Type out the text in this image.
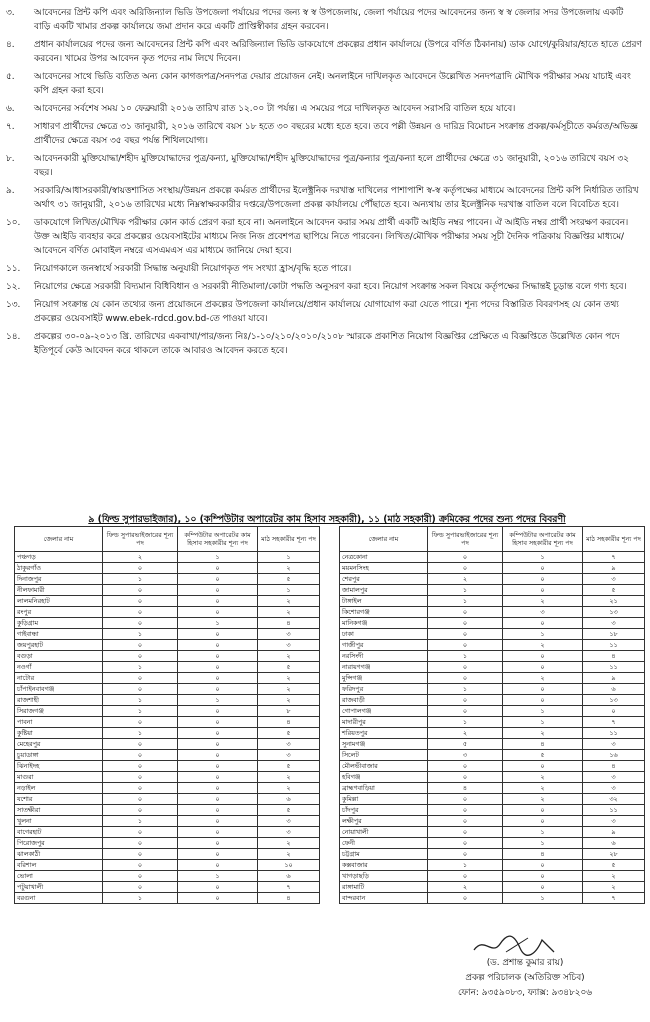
৩.	আবেদনের প্রিন্ট কপি এবং অরিজিন্যাল ভিডি উপজেলা পর্যায়ের পদের জন্য স্ব স্ব উপজেলায়, জেলা পর্যায়ের পদের আবেদনের জন্য স্ব স্ব জেলার সদর উপজেলায় একটি বাড়ি একটি খামার প্রকল্প কার্যালয়ে জমা প্রদান করে একটি প্রাপ্তিস্বীকার গ্রহন করবেন।
৪.	প্রধান কার্যালয়ের পদের জন্য আবেদনের প্রিন্ট কপি এবং অরিজিন্যাল ভিডি ডাকযোগে প্রকল্পের প্রধান কার্যালয়ে (উপরে বর্ণিত ঠিকানায়) ডাক যোগে/কুরিয়ার/হাতে হাতে প্রেরণ করবেন। খামের উপর আবেদন কৃত পদের নাম লিখে দিবেন।
৫.	আবেদনের সাথে ভিডি ব্যতিত অন্য কোন কাগজপত্র/সনদপত্র দেয়ার প্রয়োজন নেই। অনলাইনে দাখিলকৃত আবেদনে উল্লেখিত সনদপত্রাদি মৌখিক পরীক্ষার সময় যাচাই এবং কপি গ্রহন করা হবে।
৬.	আবেদনের সর্বশেষ সময় ১০ ফেব্রুয়ারী ২০১৬ তারিখ রাত ১২.০০ টা পর্যন্ত। এ সময়ের পরে দাখিলকৃত আবেদন সরাসরি বাতিল হয়ে যাবে।
৭.	সাধারণ প্রার্থীদের ক্ষেত্রে ৩১ জানুয়ারী, ২০১৬ তারিখে বয়স ১৮ হতে ৩০ বছরের মধ্যে হতে হবে। তবে পল্লী উন্নয়ন ও দারিদ্র বিমোচন সংক্রান্ত প্রকল্প/কর্মসূচীতে কর্মরত/অভিজ্ঞ প্রার্থীদের ক্ষেত্রে বয়স ৩৫ বছর পর্যন্ত শিথিলযোগ্য।
৮.	আবেদনকারী মুক্তিযোদ্ধা/শহীদ মুক্তিযোদ্ধাদের পুত্র/কন্যা, মুক্তিযোদ্ধা/শহীদ মুক্তিযোদ্ধাদের পুত্র/কন্যার পুত্র/কন্যা হলে প্রার্থীদের ক্ষেত্রে ৩১ জানুয়ারী, ২০১৬ তারিখে বয়স ৩২ বছর।
৯.	সরকারি/আধাসরকারী/স্বায়ত্তশাসিত সংস্থায়/উন্নয়ন প্রকল্পে কর্মরত প্রার্থীদের ইলেক্ট্রনিক দরখাস্ত দাখিলের পাশাপাশি স্ব-স্ব কর্তৃপক্ষের মাধ্যমে আবেদনের প্রিন্ট কপি নির্ধারিত তারিখ অর্থাৎ ৩১ জানুয়ারী, ২০১৬ তারিখের মধ্যে নিম্নস্বাক্ষরকারীর দপ্তরে/উপজেলা প্রকল্প কার্যালয়ে পৌঁছাতে হবে। অন্যথায় তার ইলেক্ট্রনিক দরখাস্ত বাতিল বলে বিবেচিত হবে।
১০.	ডাকযোগে লিখিত/মৌখিক পরীক্ষার কোন কার্ড প্রেরণ করা হবে না। অনলাইনে আবেদন করার সময় প্রার্থী একটি আইডি নম্বর পাবেন। ঐ আইডি নম্বর প্রার্থী সংরক্ষণ করবেন। উক্ত আইডি ব্যবহার করে প্রকল্পের ওয়েবসাইটের মাধ্যমে নিজ নিজ প্রবেশপত্র ছাপিয়ে নিতে পারবেন। লিখিত/মৌখিক পরীক্ষার সময় সূচী দৈনিক পত্রিকায় বিজ্ঞপ্তির মাধ্যমে/আবেদনে বর্ণিত মোবাইল নম্বরে এসএমএস এর মাধ্যমে জানিয়ে দেয়া হবে।
১১.	নিয়োগকালে জনস্বার্থে সরকারী সিদ্ধান্ত অনুযায়ী নিয়োগকৃত পদ সংখ্যা হ্রাস/বৃদ্ধি হতে পারে।
১২.	নিয়োগের ক্ষেত্রে সরকারী বিদ্যমান বিধিবিধান ও সরকারী নীতিমালা/কোটা পদ্ধতি অনুসরণ করা হবে। নিয়োগ সংক্রান্ত সকল বিষয়ে কর্তৃপক্ষের সিদ্ধান্তই চূড়ান্ত বলে গণ্য হবে।
১৩.	নিয়োগ সংক্রান্ত যে কোন তথ্যের জন্য প্রয়োজনে প্রকল্পের উপজেলা কার্যালয়ে/প্রধান কার্যালয়ে যোগাযোগ করা যেতে পারে। শূন্য পদের বিস্তারিত বিবরণসহ যে কোন তথ্য প্রকল্পের ওয়েবসাইট www.ebek-rdcd.gov.bd-তে পাওয়া যাবে।
১৪.	প্রকল্পের ৩০-০৯-২০১৩ খ্রি. তারিখের একবাখা/পার/জন্য নিঃ/১-১০/২১০/২০১০/২১০৮ স্মারকে প্রকাশিত নিয়োগ বিজ্ঞপ্তির প্রেক্ষিতে এ বিজ্ঞপ্তিতে উল্লেখিত কোন পদে ইতিপূর্বে কেউ আবেদন করে থাকলে তাকে আবারও আবেদন করতে হবে।
৯ (ফিল্ড সুপারভাইজার), ১০ (কম্পিউটার অপারেটর কাম হিসাব সহকারী), ১১ (মাঠ সহকারী) ক্রমিকের পদের শুন্য পদের বিবরণী
জেলার নাম	ফিল্ড সুপারভাইজারের শূন্য পদ	কম্পিউটার অপারেটর কাম হিসাব সহকারীর শূন্য পদ	মাঠ সহকারীর শূন্য পদ
পঞ্চগড়	২	১	১
ঠাকুরগাঁও	০	০	২
দিনাজপুর	১	০	৫
নীলফামারী	০	০	১
লালমনিরহাট	০	০	২
রংপুর	০	০	২
কুড়িগ্রাম	০	১	৪
গাইবান্ধা	১	০	৩
জয়পুরহাট	০	০	৩
বগুড়া	০	০	২
নওগাঁ	১	০	৫
নাটোর	০	০	২
চাঁপাইনবাবগঞ্জ	০	০	২
রাজশাহী	১	১	২
সিরাজগঞ্জ	১	০	৮
পাবনা	০	০	৪
কুষ্টিয়া	১	০	৫
মেহেরপুর	০	০	৩
চুয়াডাঙ্গা	০	০	৩
ঝিনাইদহ	০	০	৫
মাগুরা	০	০	২
নড়াইল	০	০	২
যশোর	০	০	৬
সাতক্ষীরা	০	০	৫
খুলনা	১	০	৩
বাগেরহাট	০	০	৩
পিরোজপুর	০	০	২
ঝালকাঠী	০	০	২
বরিশাল	০	০	১০
ভোলা	০	১	৬
পটুয়াখালী	০	০	৭
বরগুনা	১	০	৪
জেলার নাম	ফিল্ড সুপারভাইজারের শূন্য পদ	কম্পিউটার অপারেটর কাম হিসাব সহকারীর শূন্য পদ	মাঠ সহকারীর শূন্য পদ
নেত্রকোনা	০	১	৭
ময়মনসিংহ	০	০	৯
শেরপুর	২	০	৩
জামালপুর	১	০	৫
টাঙ্গাইল	১	২	২১
কিশোরগঞ্জ	০	৩	১৩
মানিকগঞ্জ	০	০	৩
ঢাকা	০	১	১৮
গাজীপুর	০	২	১১
নরসিংদী	১	০	৪
নারায়ণগঞ্জ	০	০	১১
মুন্সিগঞ্জ	০	২	৯
ফরিদপুর	১	০	৬
রাজবাড়ী	০	০	১৩
গোপালগঞ্জ	০	১	০
মাদারীপুর	১	১	৭
শরিয়তপুর	২	২	১১
সুনামগঞ্জ	৫	৪	৩
সিলেট	৩	৫	১৬
মৌলভীবাজার	০	০	৪
হবিগঞ্জ	০	২	৩
ব্রাহ্মণবাড়িয়া	৪	২	৩
কুমিল্লা	০	২	৩২
চাঁদপুর	০	০	১১
লক্ষীপুর	০	০	৩
নোয়াখালী	০	১	৯
ফেনী	০	১	৬
চট্টগ্রাম	০	৪	২৮
কক্সবাজার	১	০	৫
খাগড়াছড়ি	০	০	২
রাঙ্গামাটি	২	০	২
বান্দরবান	০	১	৭
(ড. প্রশান্ত কুমার রায়)
প্রকল্প পরিচালক (অতিরিক্ত সচিব)
ফোন: ৯৩৫৯০৮৩, ফ্যাক্স: ৯৩৪৮২০৬
